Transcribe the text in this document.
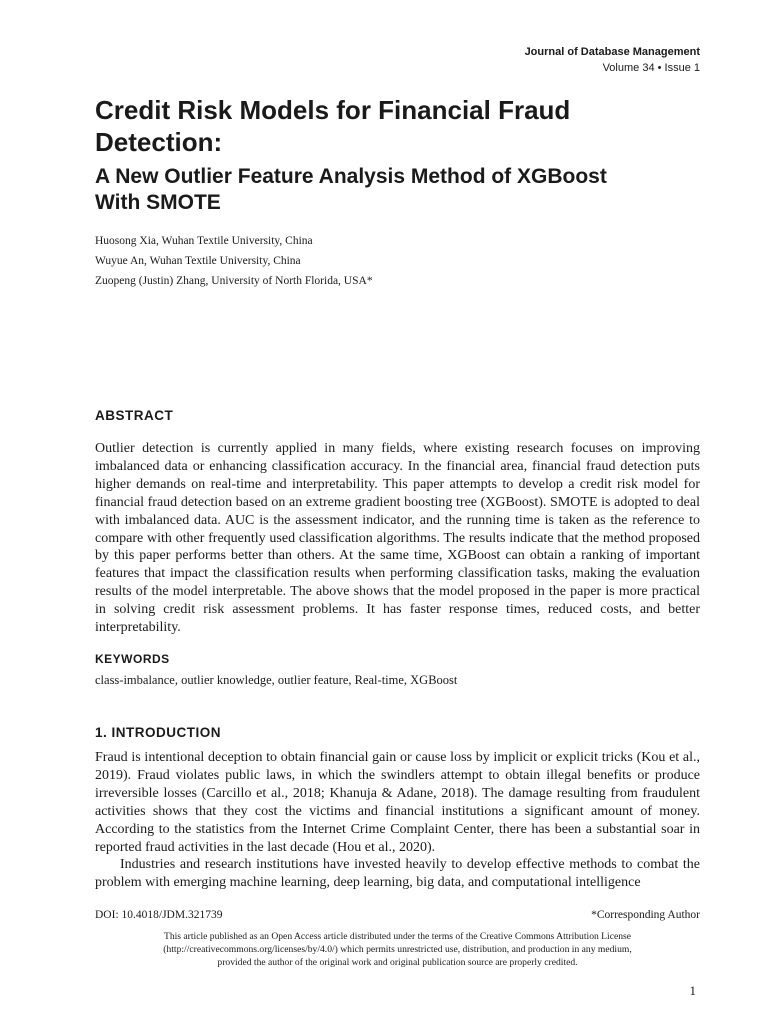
Journal of Database Management
Volume 34 • Issue 1
Credit Risk Models for Financial Fraud Detection:
A New Outlier Feature Analysis Method of XGBoost With SMOTE
Huosong Xia, Wuhan Textile University, China
Wuyue An, Wuhan Textile University, China
Zuopeng (Justin) Zhang, University of North Florida, USA*
ABSTRACT

Outlier detection is currently applied in many fields, where existing research focuses on improving imbalanced data or enhancing classification accuracy. In the financial area, financial fraud detection puts higher demands on real-time and interpretability. This paper attempts to develop a credit risk model for financial fraud detection based on an extreme gradient boosting tree (XGBoost). SMOTE is adopted to deal with imbalanced data. AUC is the assessment indicator, and the running time is taken as the reference to compare with other frequently used classification algorithms. The results indicate that the method proposed by this paper performs better than others. At the same time, XGBoost can obtain a ranking of important features that impact the classification results when performing classification tasks, making the evaluation results of the model interpretable. The above shows that the model proposed in the paper is more practical in solving credit risk assessment problems. It has faster response times, reduced costs, and better interpretability.

KEYWORDS
class-imbalance, outlier knowledge, outlier feature, Real-time, XGBoost
1. INTRODUCTION

Fraud is intentional deception to obtain financial gain or cause loss by implicit or explicit tricks (Kou et al., 2019). Fraud violates public laws, in which the swindlers attempt to obtain illegal benefits or produce irreversible losses (Carcillo et al., 2018; Khanuja & Adane, 2018). The damage resulting from fraudulent activities shows that they cost the victims and financial institutions a significant amount of money. According to the statistics from the Internet Crime Complaint Center, there has been a substantial soar in reported fraud activities in the last decade (Hou et al., 2020).

Industries and research institutions have invested heavily to develop effective methods to combat the problem with emerging machine learning, deep learning, big data, and computational intelligence

DOI: 10.4018/JDM.321739	*Corresponding Author
This article published as an Open Access article distributed under the terms of the Creative Commons Attribution License
(http://creativecommons.org/licenses/by/4.0/) which permits unrestricted use, distribution, and production in any medium,
provided the author of the original work and original publication source are properly credited.
1
